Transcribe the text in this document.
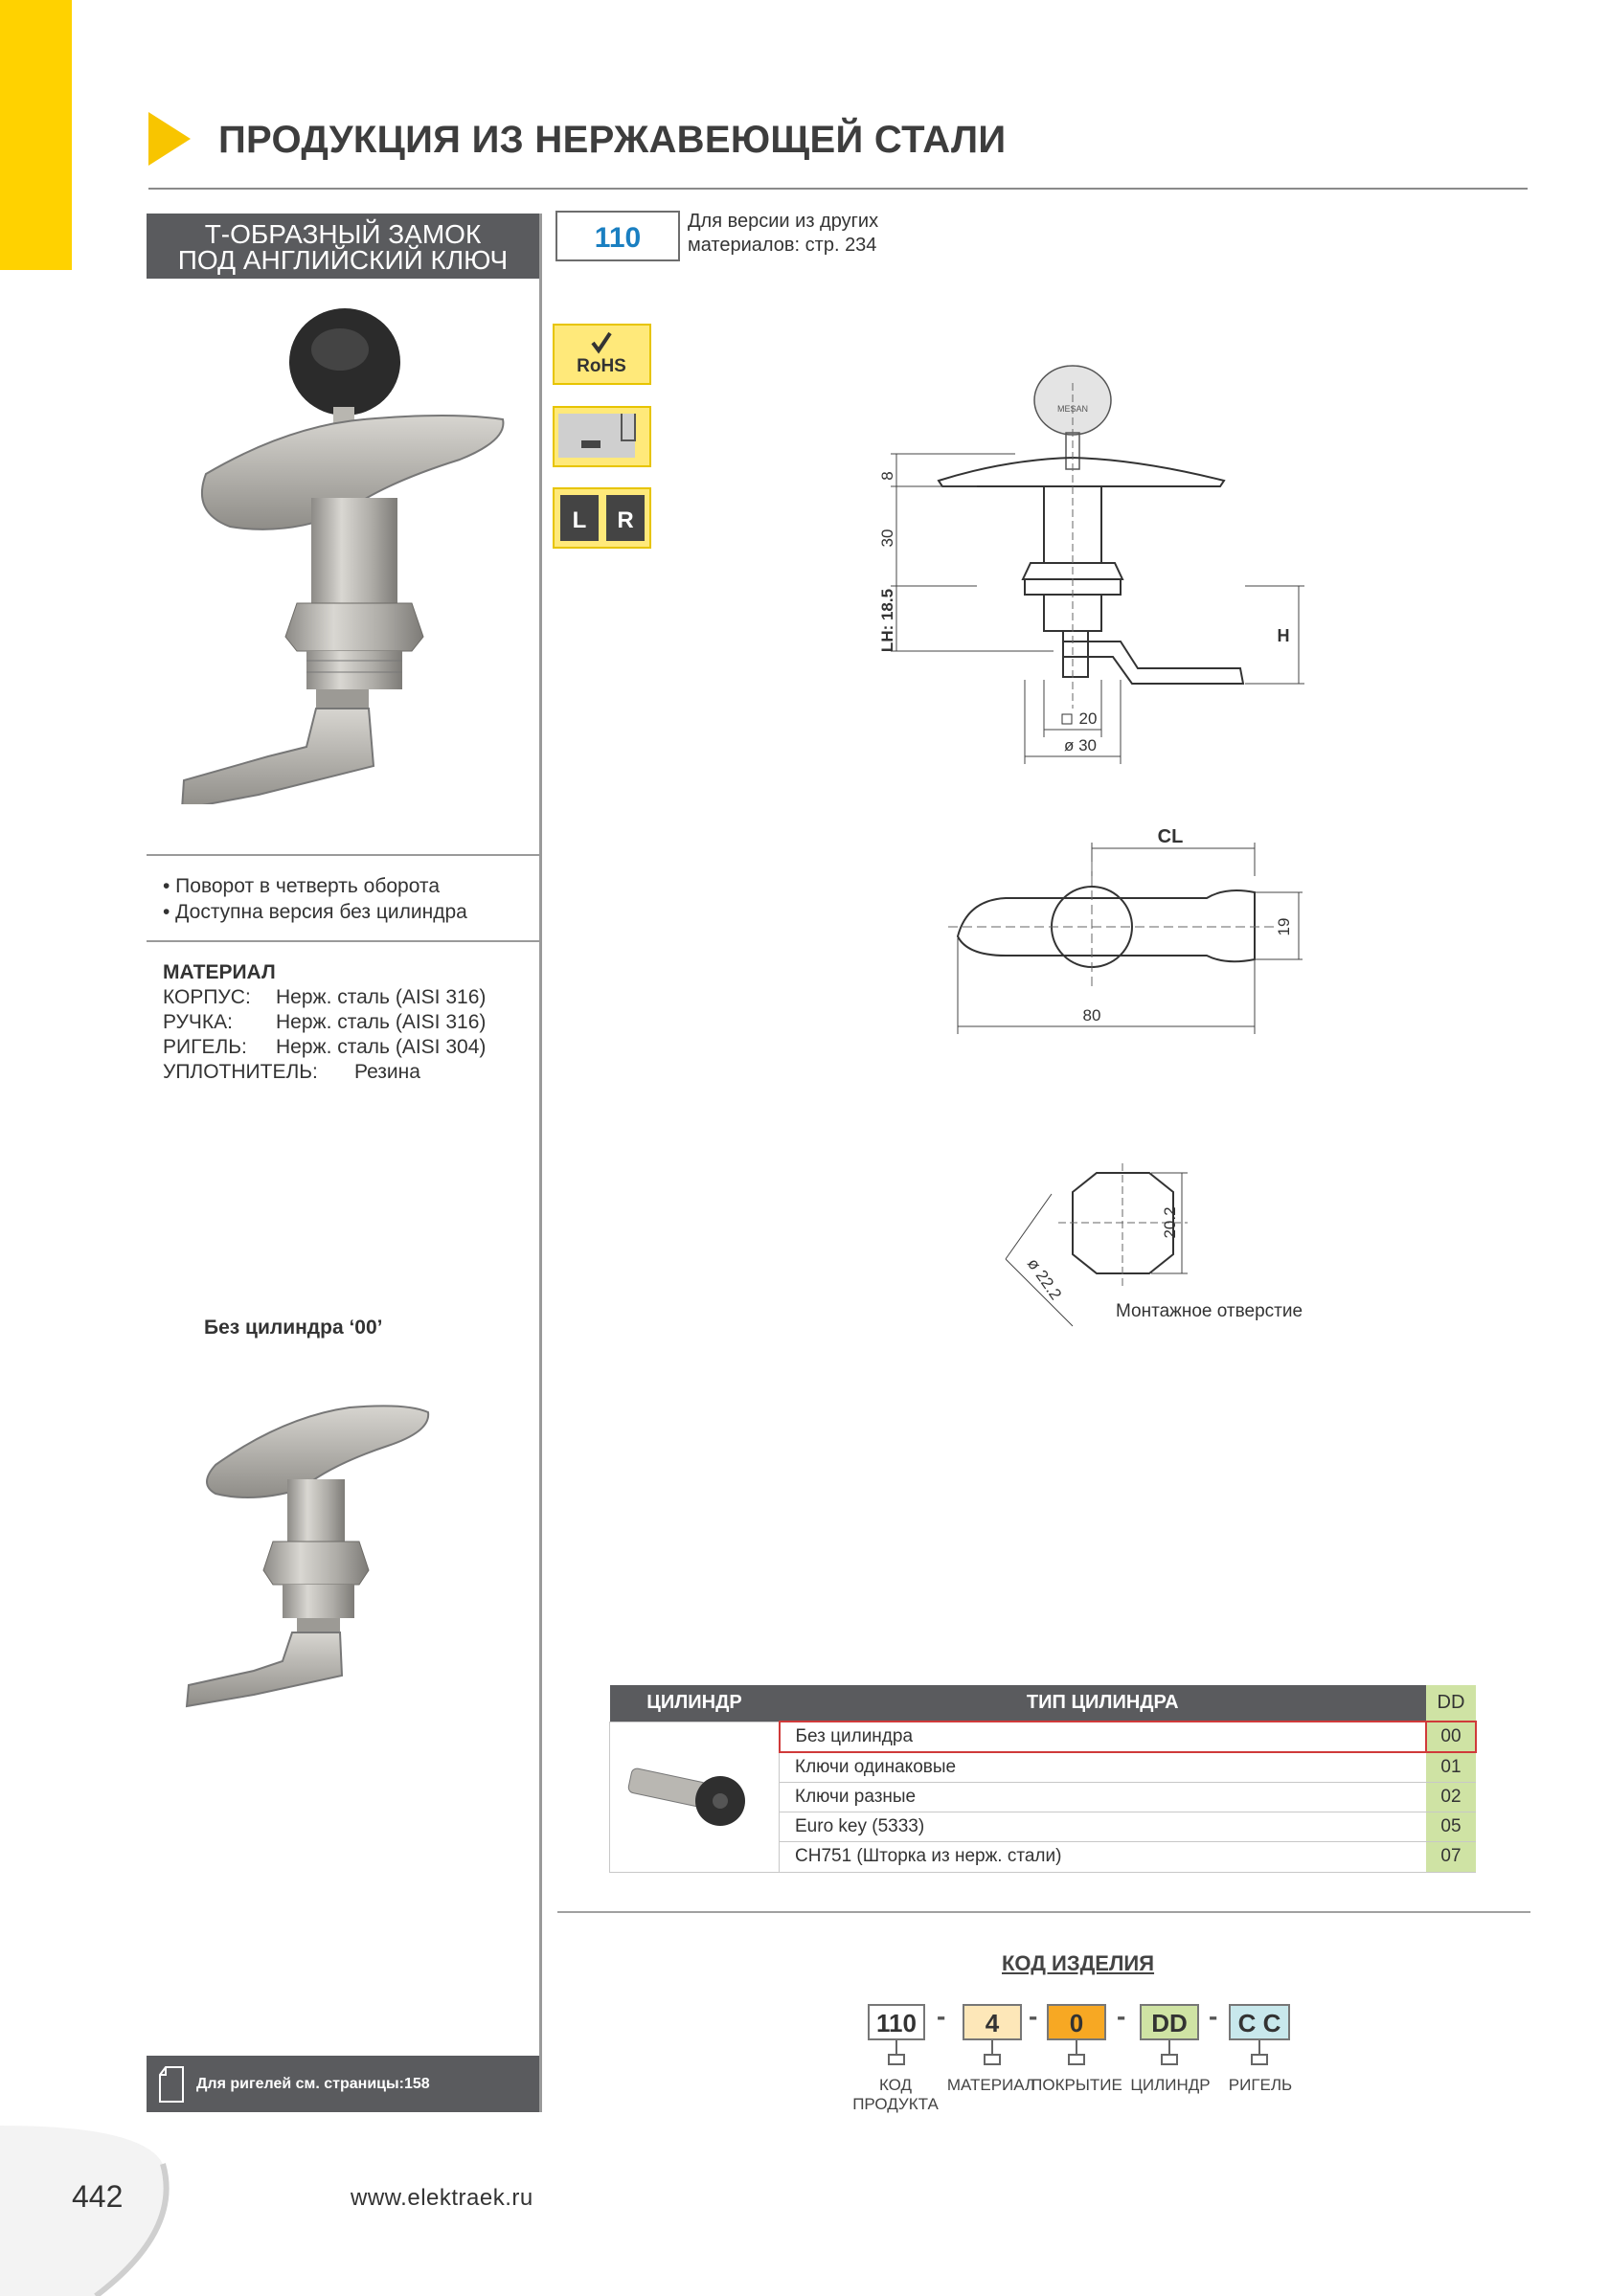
ПРОДУКЦИЯ ИЗ НЕРЖАВЕЮЩЕЙ СТАЛИ
Т-ОБРАЗНЫЙ ЗАМОК
ПОД АНГЛИЙСКИЙ КЛЮЧ
• Поворот в четверть оборота
• Доступна версия без цилиндра
МАТЕРИАЛ
КОРПУС: Нерж. сталь (AISI 316)
РУЧКА: Нерж. сталь (AISI 316)
РИГЕЛЬ: Нерж. сталь (AISI 304)
УПЛОТНИТЕЛЬ: Резина
Без цилиндра ‘00’
Для ригелей см. страницы:158
110
Для версии из других
материалов: стр. 234
RoHS
L R
MESAN
8
30
LH: 18.5	H
20
ø 30
CL
19
80
20.2
ø 22.2
Монтажное отверстие
ЦИЛИНДР	ТИП ЦИЛИНДРА	DD
	Без цилиндра	00
	Ключи одинаковые	01
	Ключи разные	02
	Euro key (5333)	05
	CH751 (Шторка из нерж. стали)	07
КОД ИЗДЕЛИЯ
110 -	4	-	0	-	DD - C C
КОД
ПРОДУКТА
МАТЕРИАЛ
ПОКРЫТИЕ ЦИЛИНДР	РИГЕЛЬ
442	www.elektraek.ru
